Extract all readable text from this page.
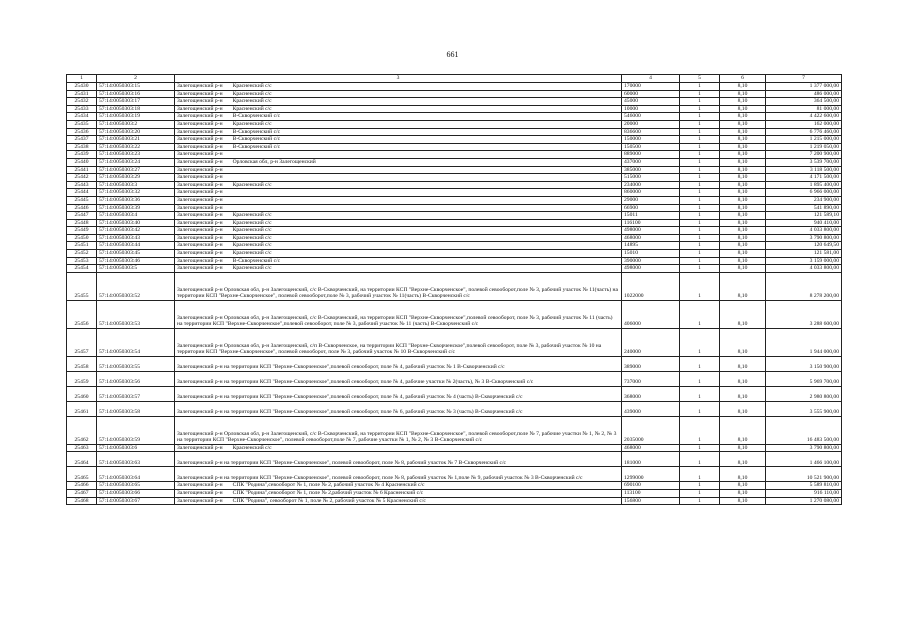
661
1	2	3	4	5	6	7
25430	57:14:0050303:15	Залегощенский р-н Красненский с/с	170000	1	8,10	1 377 000,00
25431	57:14:0050303:16	Залегощенский р-н Красненский с/с	60000	1	8,10	486 000,00
25432	57:14:0050303:17	Залегощенский р-н Красненский с/с	45000	1	8,10	364 500,00
25433	57:14:0050303:18	Залегощенский р-н Красненский с/с	10000	1	8,10	81 000,00
25434	57:14:0050303:19	Залегощенский р-н В-Скворченский с/с	546000	1	8,10	4 422 600,00
25435	57:14:0050303:2	Залегощенский р-н Красненский с/с	20000	1	8,10	162 000,00
25436	57:14:0050303:20	Залегощенский р-н В-Скворченский с/с	836600	1	8,10	6 776 460,00
25437	57:14:0050303:21	Залегощенский р-н В-Скворченский с/с	150000	1	8,10	1 215 000,00
25438	57:14:0050303:22	Залегощенский р-н В-Скворченский с/с	150500	1	8,10	1 219 050,00
25439	57:14:0050303:23	Залегощенский р-н	889000	1	8,10	7 200 900,00
25440	57:14:0050303:24	Залегощенский р-н Орловская обл, р-н Залегощенский	437000	1	8,10	3 539 700,00
25441	57:14:0050303:27	Залегощенский р-н	385000	1	8,10	3 118 500,00
25442	57:14:0050303:29	Залегощенский р-н	515000	1	8,10	4 171 500,00
25443	57:14:0050303:3	Залегощенский р-н Красненский с/с	234000	1	8,10	1 895 400,00
25444	57:14:0050303:32	Залегощенский р-н	860000	1	8,10	6 966 000,00
25445	57:14:0050303:36	Залегощенский р-н	29000	1	8,10	234 900,00
25446	57:14:0050303:39	Залегощенский р-н	66900	1	8,10	541 890,00
25447	57:14:0050303:4	Залегощенский р-н Красненский с/с	15011	1	8,10	121 589,10
25448	57:14:0050303:40	Залегощенский р-н Красненский с/с	116100	1	8,10	940 410,00
25449	57:14:0050303:42	Залегощенский р-н Красненский с/с	498000	1	8,10	4 033 800,00
25450	57:14:0050303:43	Залегощенский р-н Красненский с/с	468000	1	8,10	3 790 800,00
25451	57:14:0050303:44	Залегощенский р-н Красненский с/с	14895	1	8,10	120 649,50
25452	57:14:0050303:45	Залегощенский р-н Красненский с/с	15010	1	8,10	121 581,00
25453	57:14:0050303:46	Залегощенский р-н В-Скворченский с/с	390000	1	8,10	3 159 000,00
25454	57:14:0050303:5	Залегощенский р-н Красненский с/с	498000	1	8,10	4 033 800,00
25455	57:14:0050303:52	Залегощенский р-н Орловская обл, р-н Залегощенский, с/с В-Скворченский, на территории КСП "Верхне-Скворченское", полевой севооборот,поле № 3, рабочий участок № 11(часть) на территории КСП "Верхне-Скворченское", полевой севооборот,поле № 3, рабочий участок № 11(часть) В-Скворченский с/с	1022000	1	8,10	8 278 200,00
25456	57:14:0050303:53	Залегощенский р-н Орловская обл, р-н Залегощенский, с/с В-Скворченский, на территории КСП "Верхне-Скворченское",полевой севооборот, поле № 3, рабочий участок № 11 (часть) на территории КСП "Верхне-Скворченское",полевой севооборот, поле № 3, рабочий участок № 11 (часть) В-Скворченский с/с	406000	1	8,10	3 288 600,00
25457	57:14:0050303:54	Залегощенский р-н Орловская обл, р-н Залегощенский, с/п В-Скворченское, на территории КСП "Верхне-Скворченское",полевой севооборот, поле № 3, рабочий участок № 10 на территории КСП "Верхне-Скворченское", полевой севооборот, поле № 3, рабочий участок № 10 В-Скворченский с/с	240000	1	8,10	1 944 000,00
25458	57:14:0050303:55	Залегощенский р-н на территории КСП "Верхне-Скворченское",полевой севооборот, поле № 4, рабочий участок № 1 В-Скворченский с/с	389000	1	8,10	3 150 900,00
25459	57:14:0050303:56	Залегощенский р-н на территории КСП "Верхне-Скворченское",полевой севооборот, поле № 4, рабочие участки № 2(часть), № 3 В-Скворченский с/с	737000	1	8,10	5 969 700,00
25460	57:14:0050303:57	Залегощенский р-н на территории КСП "Верхне-Скворченское",полевой севооборот, поле № 4, рабочий участок № 4 (часть) В-Скворченский с/с	368000	1	8,10	2 980 800,00
25461	57:14:0050303:58	Залегощенский р-н на территории КСП "Верхне-Скворченское",полевой севооборот, поле № 6, рабочий участок № 3 (часть) В-Скворченский с/с	439000	1	8,10	3 555 900,00
25462	57:14:0050303:59	Залегощенский р-н Орловская обл, р-н Залегощенский, с/с В-Скворченский, на территории КСП "Верхне-Скворченское", полевой севооборот,поле № 7, рабочие участки № 1, № 2, № 3 на территории КСП "Верхне-Скворченское", полевой севооборот,поле № 7, рабочие участки № 1, № 2, № 3 В-Скворченский с/с	2035000	1	8,10	16 483 500,00
25463	57:14:0050303:6	Залегощенский р-н Красненский с/с	468000	1	8,10	3 790 800,00
25464	57:14:0050303:63	Залегощенский р-н на территории КСП "Верхне-Скворченское", полевой севооборот, поле № 8, рабочий участок № 7 В-Скворченский с/с	181000	1	8,10	1 466 100,00
25465	57:14:0050303:64	Залегощенский р-н на территории КСП "Верхне-Скворченское", полевой севооборот, поле № 8, рабочий участок № 1,поле № 9, рабочий участок № 3 В-Скворченский с/с	1299000	1	8,10	10 521 900,00
25466	57:14:0050303:65	Залегощенский р-н СПК "Родина",севооборот № 1, поле № 2, рабочий участок № 4 Красненский с/с	690100	1	8,10	5 589 810,00
25467	57:14:0050303:66	Залегощенский р-н СПК "Родина",севооборот № 1, поле № 2,рабочий участок № 6 Красненский с/с	113100	1	8,10	916 110,00
25468	57:14:0050303:67	Залегощенский р-н СПК "Родина", севооборот № 1, поле № 2, рабочий участок № 5 Красненский с/с	156800	1	8,10	1 270 080,00
